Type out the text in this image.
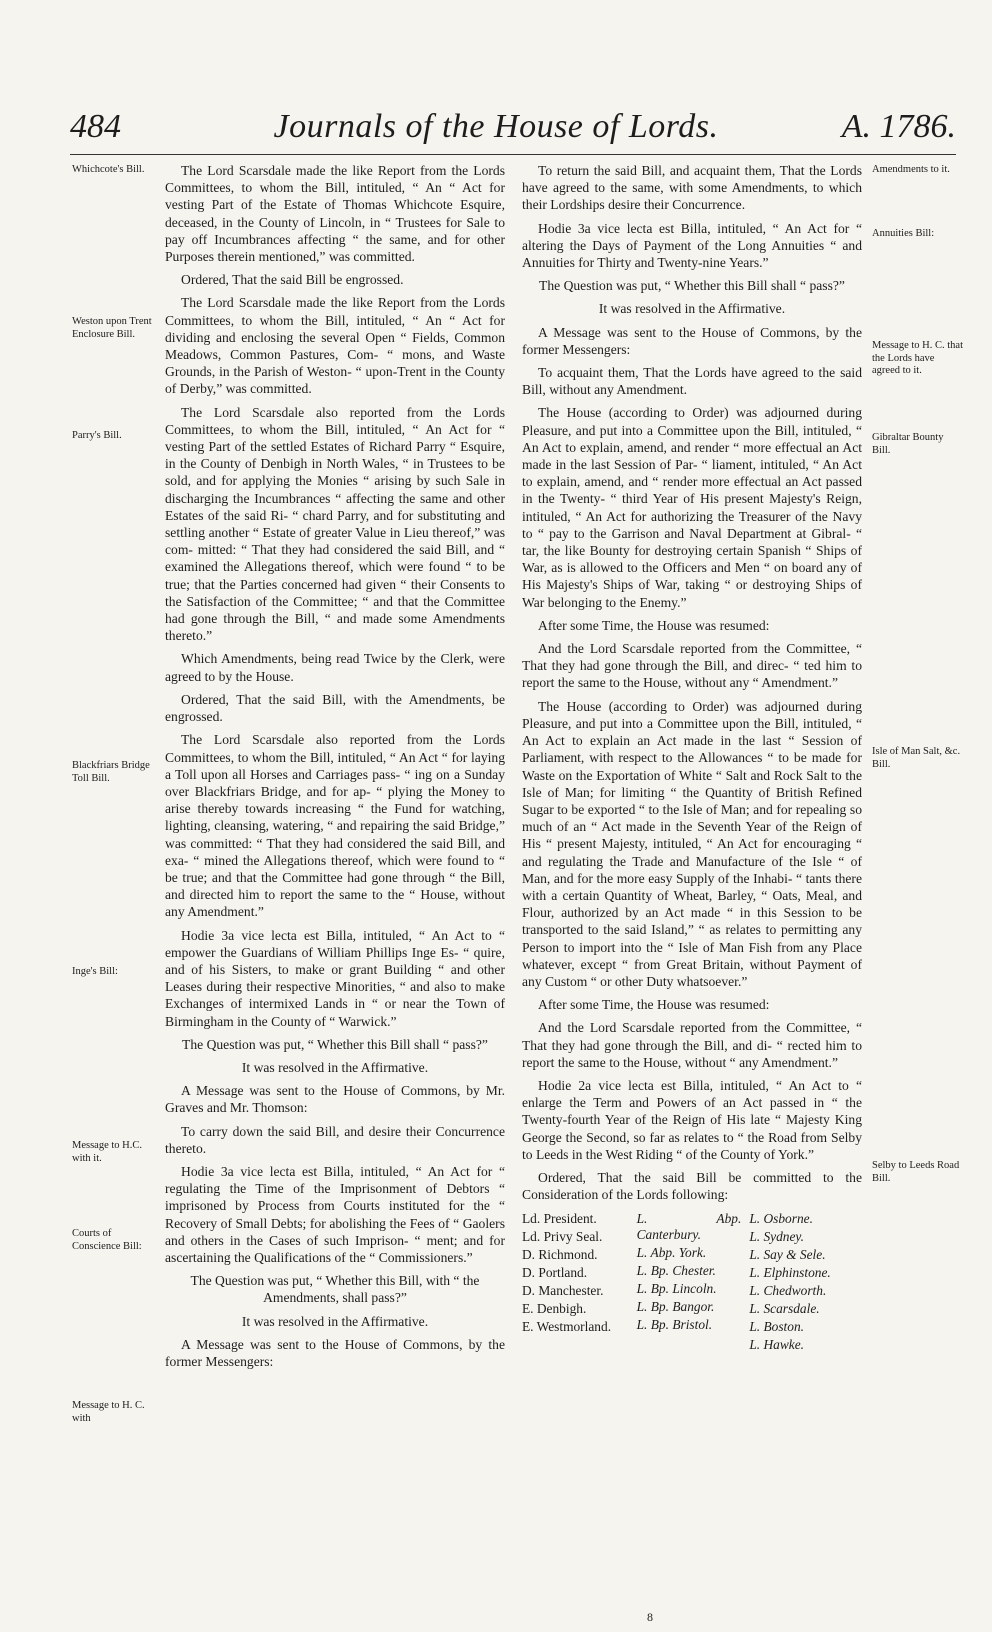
484	Journals of the House of Lords.	A. 1786.
Whichcote's Bill.
Weston upon Trent Enclosure Bill.
Parry's Bill.
Blackfriars Bridge Toll Bill.
Inge's Bill:
Message to H.C. with it.
Courts of Conscience Bill:
Message to H. C. with
Amendments to it.
Annuities Bill:
Message to H. C. that the Lords have agreed to it.
Gibraltar Bounty Bill.
Isle of Man Salt, &c. Bill.
Selby to Leeds Road Bill.

The Lord Scarsdale made the like Report from the Lords Committees, to whom the Bill, intituled, “ An “ Act for vesting Part of the Estate of Thomas Whichcote Esquire, deceased, in the County of Lincoln, in “ Trustees for Sale to pay off Incumbrances affecting “ the same, and for other Purposes therein mentioned,” was committed.

Ordered, That the said Bill be engrossed.

The Lord Scarsdale made the like Report from the Lords Committees, to whom the Bill, intituled, “ An “ Act for dividing and enclosing the several Open “ Fields, Common Meadows, Common Pastures, Com- “ mons, and Waste Grounds, in the Parish of Weston- “ upon-Trent in the County of Derby,” was committed.

The Lord Scarsdale also reported from the Lords Committees, to whom the Bill, intituled, “ An Act for “ vesting Part of the settled Estates of Richard Parry “ Esquire, in the County of Denbigh in North Wales, “ in Trustees to be sold, and for applying the Monies “ arising by such Sale in discharging the Incumbrances “ affecting the same and other Estates of the said Ri- “ chard Parry, and for substituting and settling another “ Estate of greater Value in Lieu thereof,” was com- mitted: “ That they had considered the said Bill, and “ examined the Allegations thereof, which were found “ to be true; that the Parties concerned had given “ their Consents to the Satisfaction of the Committee; “ and that the Committee had gone through the Bill, “ and made some Amendments thereto.”

Which Amendments, being read Twice by the Clerk, were agreed to by the House.

Ordered, That the said Bill, with the Amendments, be engrossed.

The Lord Scarsdale also reported from the Lords Committees, to whom the Bill, intituled, “ An Act “ for laying a Toll upon all Horses and Carriages pass- “ ing on a Sunday over Blackfriars Bridge, and for ap- “ plying the Money to arise thereby towards increasing “ the Fund for watching, lighting, cleansing, watering, “ and repairing the said Bridge,” was committed: “ That they had considered the said Bill, and exa- “ mined the Allegations thereof, which were found to “ be true; and that the Committee had gone through “ the Bill, and directed him to report the same to the “ House, without any Amendment.”

Hodie 3a vice lecta est Billa, intituled, “ An Act to “ empower the Guardians of William Phillips Inge Es- “ quire, and of his Sisters, to make or grant Building “ and other Leases during their respective Minorities, “ and also to make Exchanges of intermixed Lands in “ or near the Town of Birmingham in the County of “ Warwick.”

The Question was put, “ Whether this Bill shall “ pass?”

It was resolved in the Affirmative.

A Message was sent to the House of Commons, by Mr. Graves and Mr. Thomson:

To carry down the said Bill, and desire their Concurrence thereto.

Hodie 3a vice lecta est Billa, intituled, “ An Act for “ regulating the Time of the Imprisonment of Debtors “ imprisoned by Process from Courts instituted for the “ Recovery of Small Debts; for abolishing the Fees of “ Gaolers and others in the Cases of such Imprison- “ ment; and for ascertaining the Qualifications of the “ Commissioners.”

The Question was put, “ Whether this Bill, with “ the Amendments, shall pass?”

It was resolved in the Affirmative.

A Message was sent to the House of Commons, by the former Messengers:

To return the said Bill, and acquaint them, That the Lords have agreed to the same, with some Amendments, to which their Lordships desire their Concurrence.

Hodie 3a vice lecta est Billa, intituled, “ An Act for “ altering the Days of Payment of the Long Annuities “ and Annuities for Thirty and Twenty-nine Years.”

The Question was put, “ Whether this Bill shall “ pass?”

It was resolved in the Affirmative.

A Message was sent to the House of Commons, by the former Messengers:

To acquaint them, That the Lords have agreed to the said Bill, without any Amendment.

The House (according to Order) was adjourned during Pleasure, and put into a Committee upon the Bill, intituled, “ An Act to explain, amend, and render “ more effectual an Act made in the last Session of Par- “ liament, intituled, “ An Act to explain, amend, and “ render more effectual an Act passed in the Twenty- “ third Year of His present Majesty's Reign, intituled, “ An Act for authorizing the Treasurer of the Navy to “ pay to the Garrison and Naval Department at Gibral- “ tar, the like Bounty for destroying certain Spanish “ Ships of War, as is allowed to the Officers and Men “ on board any of His Majesty's Ships of War, taking “ or destroying Ships of War belonging to the Enemy.”

After some Time, the House was resumed:

And the Lord Scarsdale reported from the Committee, “ That they had gone through the Bill, and direc- “ ted him to report the same to the House, without any “ Amendment.”

The House (according to Order) was adjourned during Pleasure, and put into a Committee upon the Bill, intituled, “ An Act to explain an Act made in the last “ Session of Parliament, with respect to the Allowances “ to be made for Waste on the Exportation of White “ Salt and Rock Salt to the Isle of Man; for limiting “ the Quantity of British Refined Sugar to be exported “ to the Isle of Man; and for repealing so much of an “ Act made in the Seventh Year of the Reign of His “ present Majesty, intituled, “ An Act for encouraging “ and regulating the Trade and Manufacture of the Isle “ of Man, and for the more easy Supply of the Inhabi- “ tants there with a certain Quantity of Wheat, Barley, “ Oats, Meal, and Flour, authorized by an Act made “ in this Session to be transported to the said Island,” “ as relates to permitting any Person to import into the “ Isle of Man Fish from any Place whatever, except “ from Great Britain, without Payment of any Custom “ or other Duty whatsoever.”

After some Time, the House was resumed:

And the Lord Scarsdale reported from the Committee, “ That they had gone through the Bill, and di- “ rected him to report the same to the House, without “ any Amendment.”

Hodie 2a vice lecta est Billa, intituled, “ An Act to “ enlarge the Term and Powers of an Act passed in “ the Twenty-fourth Year of the Reign of His late “ Majesty King George the Second, so far as relates to “ the Road from Selby to Leeds in the West Riding “ of the County of York.”

Ordered, That the said Bill be committed to the Consideration of the Lords following:

Ld. President.
Ld. Privy Seal.
D. Richmond.
D. Portland.
D. Manchester.
E. Denbigh.
E. Westmorland.
L. Abp. Canterbury.
L. Abp. York.
L. Bp. Chester.
L. Bp. Lincoln.
L. Bp. Bangor.
L. Bp. Bristol.
L. Osborne.
L. Sydney.
L. Say & Sele.
L. Elphinstone.
L. Chedworth.
L. Scarsdale.
L. Boston.
L. Hawke.
8
